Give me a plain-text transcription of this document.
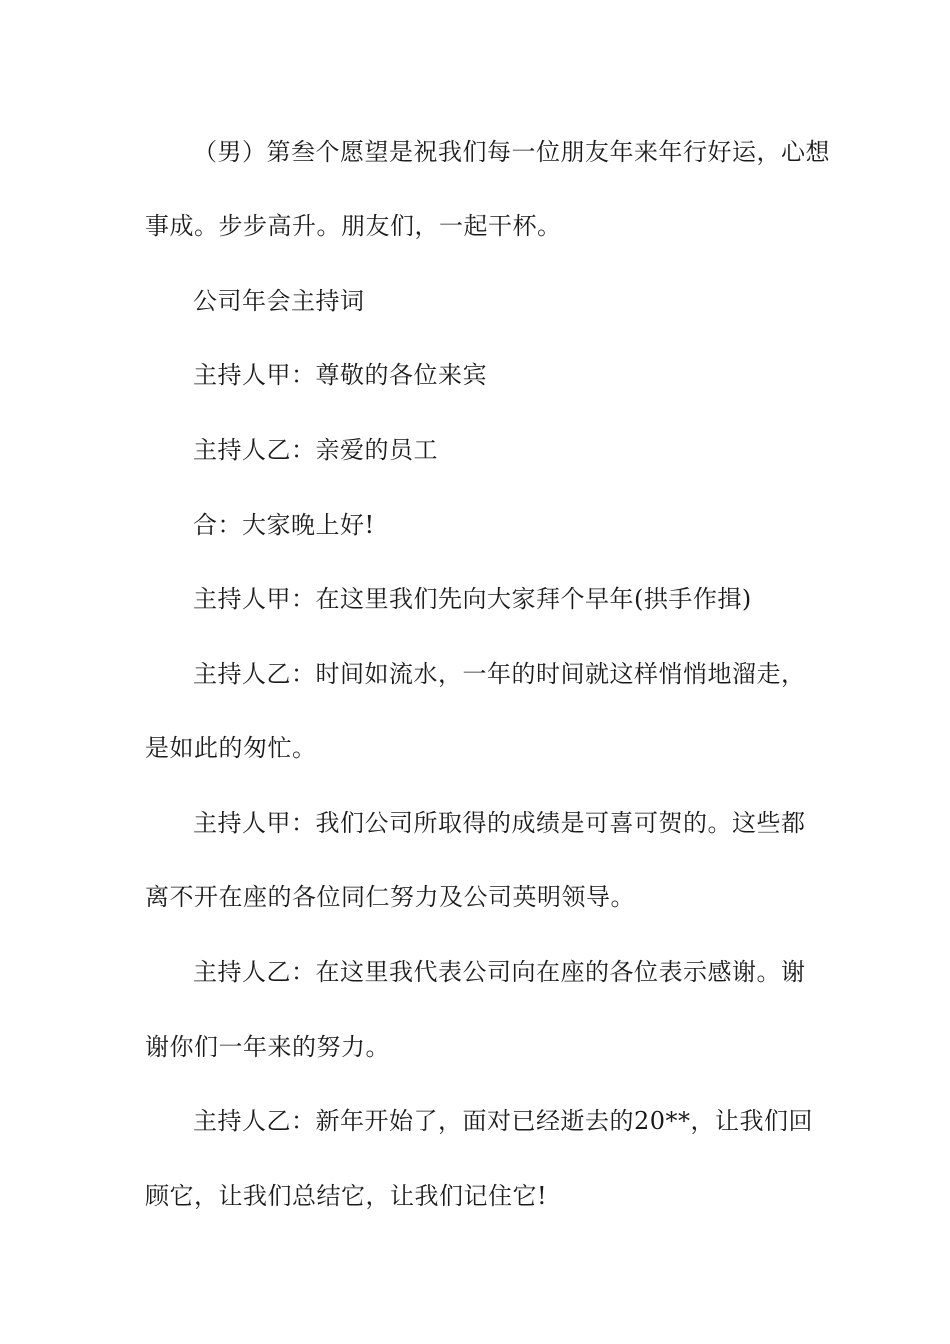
（男）第叁个愿望是祝我们每一位朋友年来年行好运，心想
事成。步步高升。朋友们，一起干杯。
公司年会主持词
主持人甲：尊敬的各位来宾
主持人乙：亲爱的员工
合：大家晚上好!
主持人甲：在这里我们先向大家拜个早年(拱手作揖)
主持人乙：时间如流水，一年的时间就这样悄悄地溜走，
是如此的匆忙。
主持人甲：我们公司所取得的成绩是可喜可贺的。这些都
离不开在座的各位同仁努力及公司英明领导。
主持人乙：在这里我代表公司向在座的各位表示感谢。谢
谢你们一年来的努力。
主持人乙：新年开始了，面对已经逝去的20**，让我们回
顾它，让我们总结它，让我们记住它!
